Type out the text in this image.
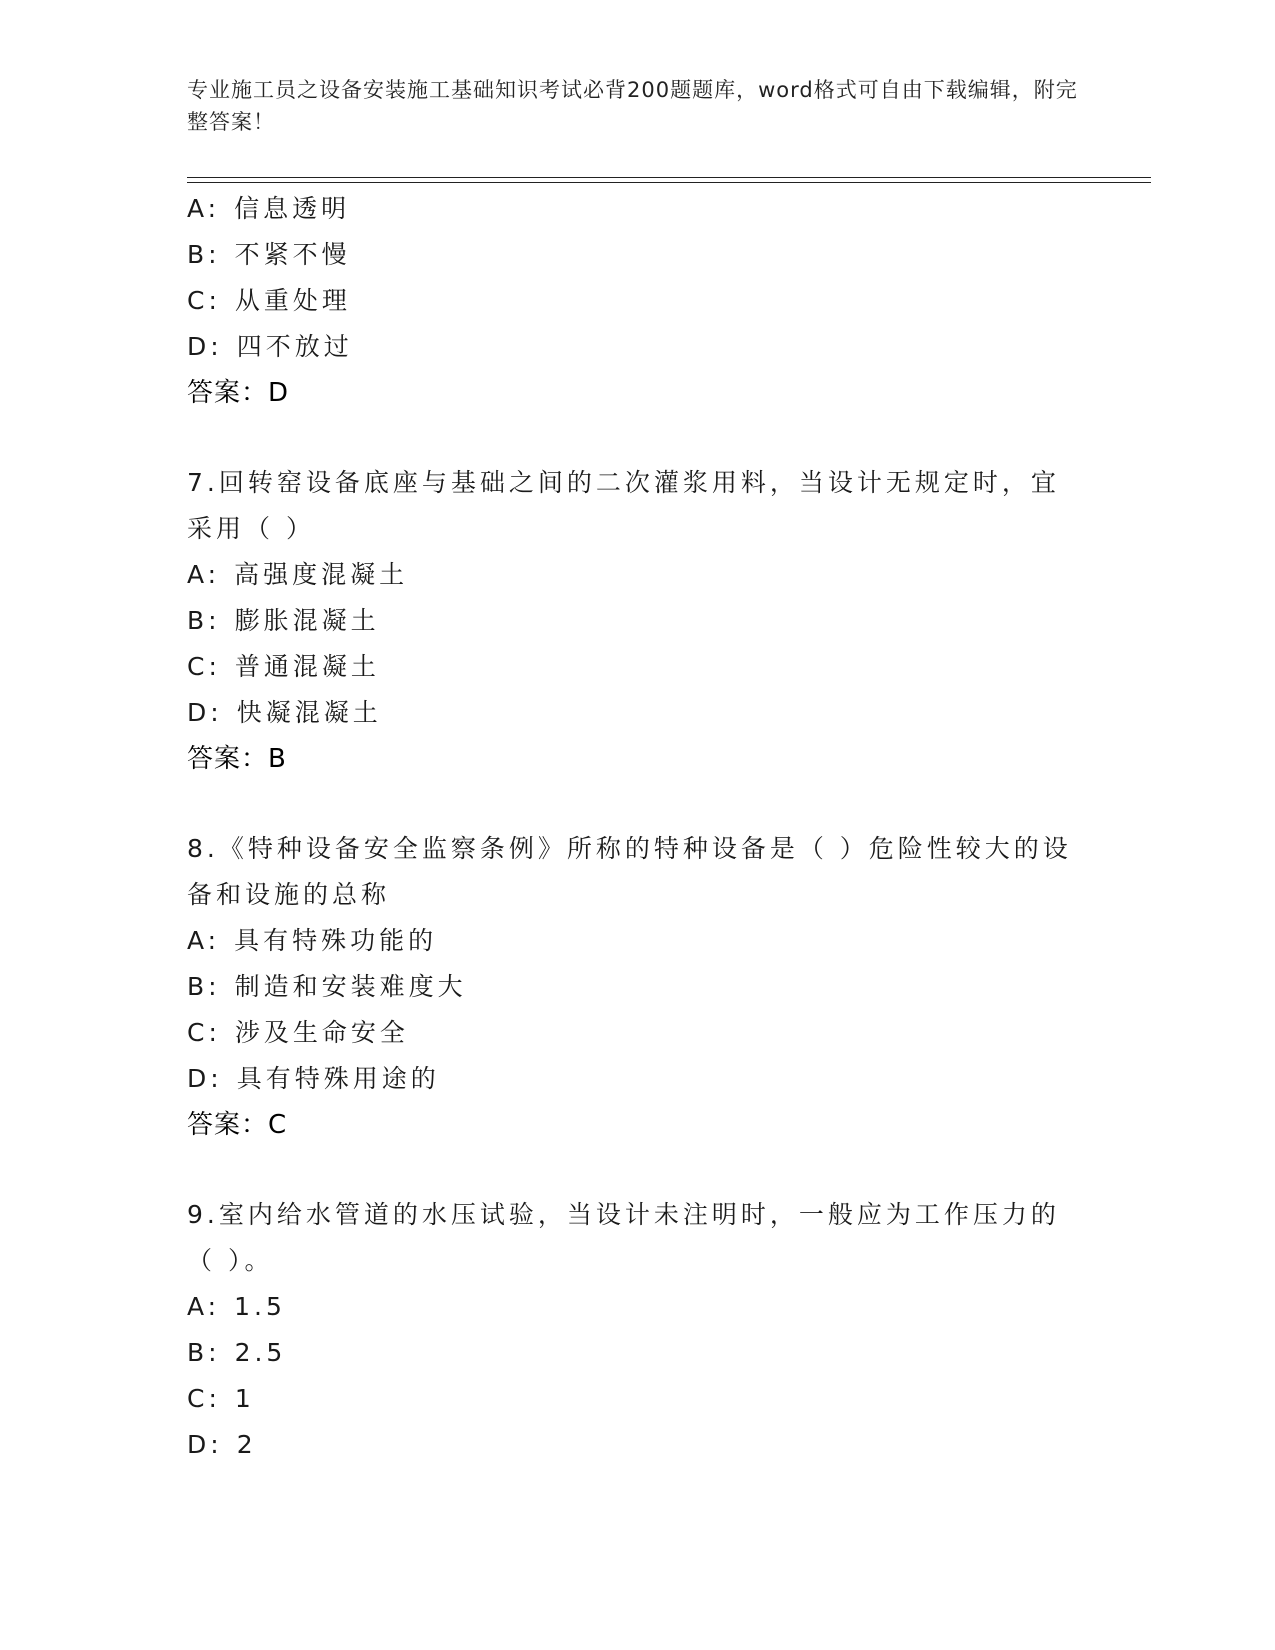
专业施工员之设备安装施工基础知识考试必背200题题库，word格式可自由下载编辑，附完整答案！
A: 信息透明
B: 不紧不慢
C: 从重处理
D: 四不放过
答案：D
7.回转窑设备底座与基础之间的二次灌浆用料，当设计无规定时，宜采用（ ）
A: 高强度混凝土
B: 膨胀混凝土
C: 普通混凝土
D: 快凝混凝土
答案：B
8.《特种设备安全监察条例》所称的特种设备是（ ）危险性较大的设备和设施的总称
A: 具有特殊功能的
B: 制造和安装难度大
C: 涉及生命安全
D: 具有特殊用途的
答案：C
9.室内给水管道的水压试验，当设计未注明时，一般应为工作压力的（ ）。
A: 1.5
B: 2.5
C: 1
D: 2
